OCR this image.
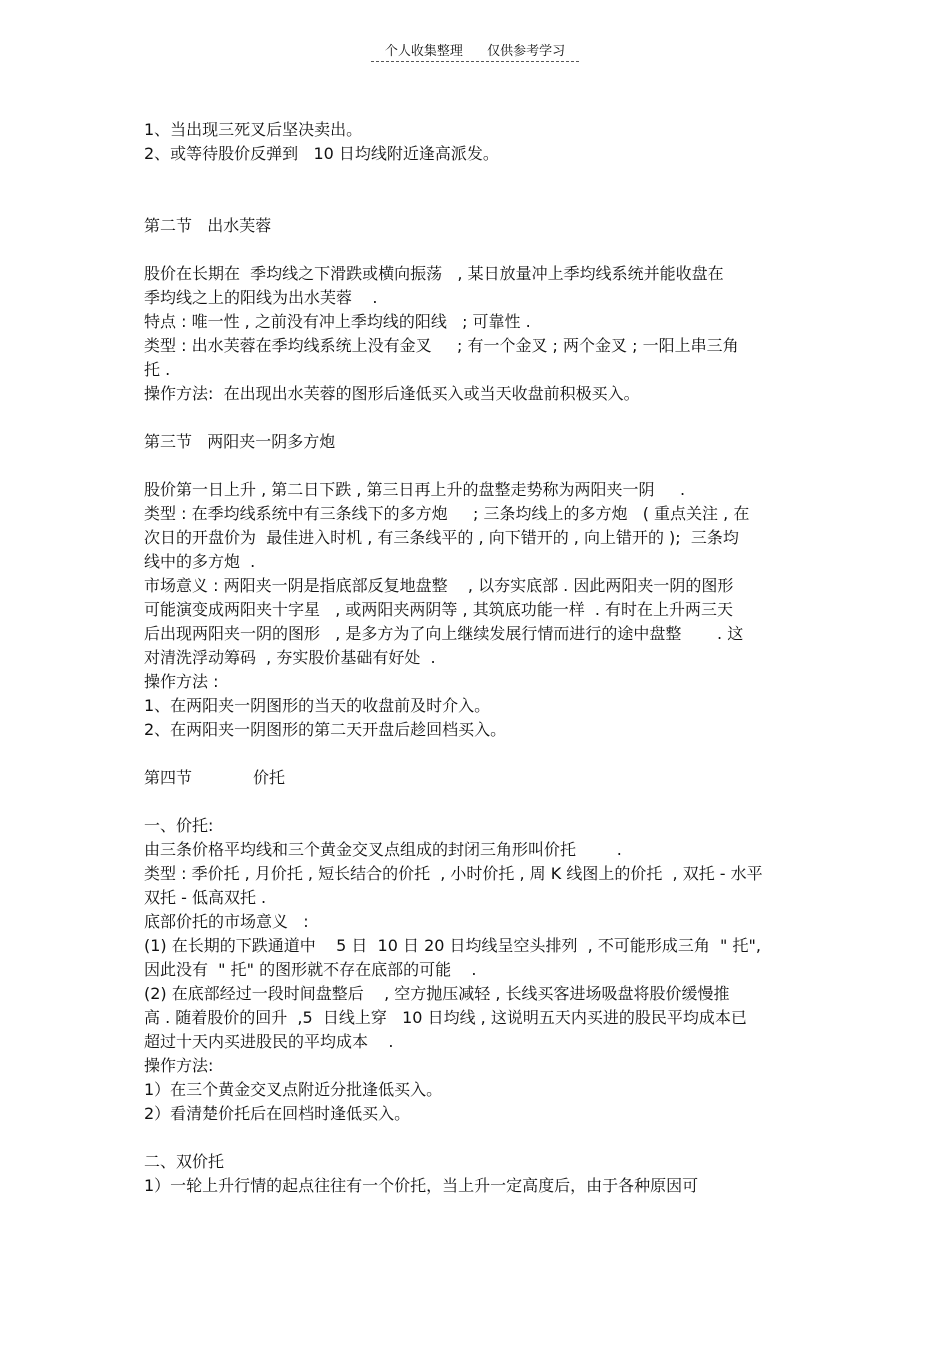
个人收集整理 仅供参考学习
1、当出现三死叉后坚决卖出。
2、或等待股价反弹到   10 日均线附近逢高派发。
第二节   出水芙蓉
股价在长期在  季均线之下滑跌或横向振荡   , 某日放量冲上季均线系统并能收盘在
季均线之上的阳线为出水芙蓉    .
特点 : 唯一性 , 之前没有冲上季均线的阳线   ; 可靠性 .
类型 : 出水芙蓉在季均线系统上没有金叉     ; 有一个金叉 ; 两个金叉 ; 一阳上串三角
托 .
操作方法:  在出现出水芙蓉的图形后逢低买入或当天收盘前积极买入。
第三节   两阳夹一阴多方炮
股价第一日上升 , 第二日下跌 , 第三日再上升的盘整走势称为两阳夹一阴     .
类型 : 在季均线系统中有三条线下的多方炮     ; 三条均线上的多方炮   ( 重点关注 , 在
次日的开盘价为  最佳进入时机 , 有三条线平的 , 向下错开的 , 向上错开的 );  三条均
线中的多方炮  .
市场意义 : 两阳夹一阴是指底部反复地盘整    , 以夯实底部 . 因此两阳夹一阴的图形
可能演变成两阳夹十字星   , 或两阳夹两阴等 , 其筑底功能一样  . 有时在上升两三天
后出现两阳夹一阴的图形   , 是多方为了向上继续发展行情而进行的途中盘整       . 这
对清洗浮动筹码  , 夯实股价基础有好处  .
操作方法 :
1、在两阳夹一阴图形的当天的收盘前及时介入。
2、在两阳夹一阴图形的第二天开盘后趁回档买入。
第四节            价托
一、价托:
由三条价格平均线和三个黄金交叉点组成的封闭三角形叫价托        .
类型 : 季价托 , 月价托 , 短长结合的价托  , 小时价托 , 周 K 线图上的价托  , 双托 - 水平
双托 - 低高双托 .
底部价托的市场意义   :
(1) 在长期的下跌通道中    5 日  10 日 20 日均线呈空头排列  , 不可能形成三角  " 托",
因此没有  " 托" 的图形就不存在底部的可能    .
(2) 在底部经过一段时间盘整后    , 空方抛压减轻 , 长线买客进场吸盘将股价缓慢推
高 . 随着股价的回升  ,5  日线上穿   10 日均线 , 这说明五天内买进的股民平均成本已
超过十天内买进股民的平均成本    .
操作方法:
1）在三个黄金交叉点附近分批逢低买入。
2）看清楚价托后在回档时逢低买入。
二、双价托
1）一轮上升行情的起点往往有一个价托，当上升一定高度后，由于各种原因可
